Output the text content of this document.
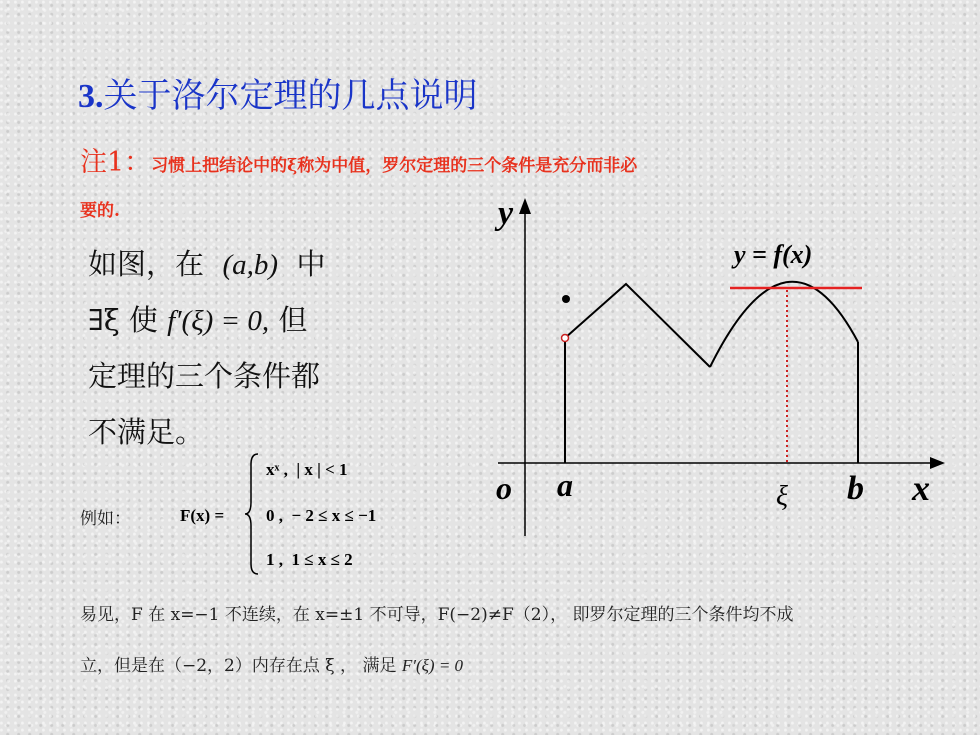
3.关于洛尔定理的几点说明
注1：习惯上把结论中的ξ称为中值，罗尔定理的三个条件是充分而非必
要的.
如图，在 (a,b) 中
∃ξ 使 f′(ξ) = 0, 但
定理的三个条件都
不满足。
例如：	F(x) =
xˣ , | x | < 1
0 , − 2 ≤ x ≤ −1
1 , 1 ≤ x ≤ 2
易见，F 在 x=−1 不连续，在 x=±1 不可导，F(−2)≠F（2）， 即罗尔定理的三个条件均不成
立，但是在（−2，2）内存在点 ξ ， 满足 F′(ξ) = 0
y
x
o a	b
ξ
y = f(x)
